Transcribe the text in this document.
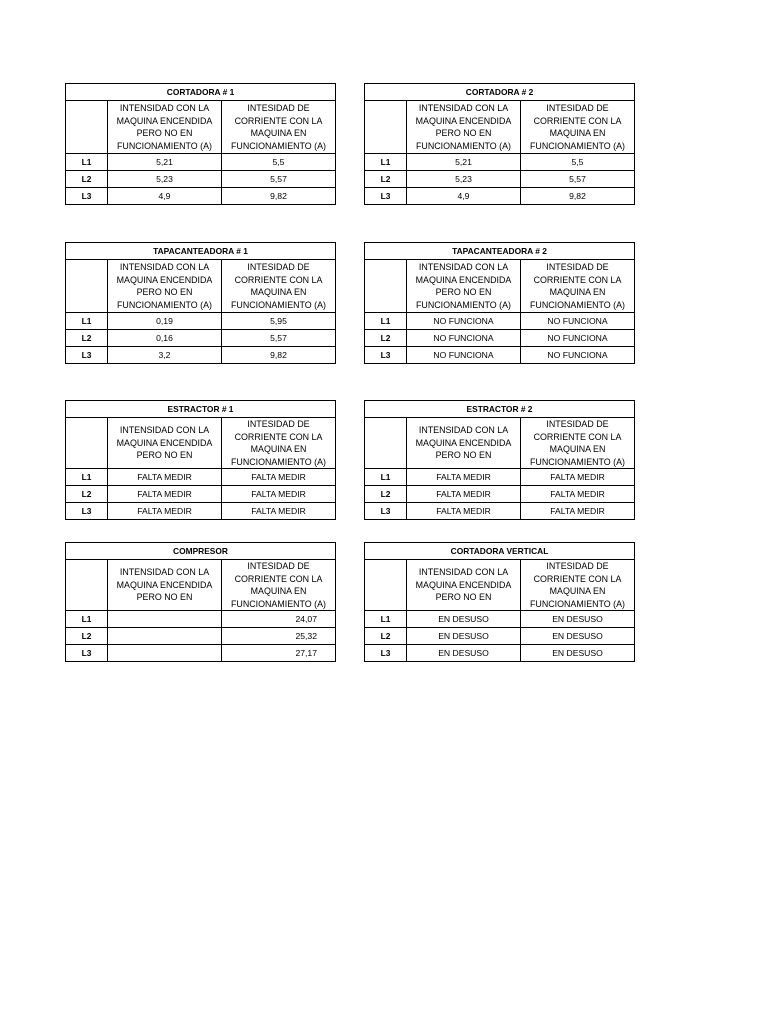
CORTADORA # 1		
	INTENSIDAD CON LA MAQUINA ENCENDIDA PERO NO EN FUNCIONAMIENTO (A)	INTESIDAD DE CORRIENTE CON LA MAQUINA EN FUNCIONAMIENTO (A)
L1	5,21	5,5
L2	5,23	5,57
L3	4,9	9,82
CORTADORA # 2		
	INTENSIDAD CON LA MAQUINA ENCENDIDA PERO NO EN FUNCIONAMIENTO (A)	INTESIDAD DE CORRIENTE CON LA MAQUINA EN FUNCIONAMIENTO (A)
L1	5,21	5,5
L2	5,23	5,57
L3	4,9	9,82
TAPACANTEADORA # 1		
	INTENSIDAD CON LA MAQUINA ENCENDIDA PERO NO EN FUNCIONAMIENTO (A)	INTESIDAD DE CORRIENTE CON LA MAQUINA EN FUNCIONAMIENTO (A)
L1	0,19	5,95
L2	0,16	5,57
L3	3,2	9,82
TAPACANTEADORA # 2		
	INTENSIDAD CON LA MAQUINA ENCENDIDA PERO NO EN FUNCIONAMIENTO (A)	INTESIDAD DE CORRIENTE CON LA MAQUINA EN FUNCIONAMIENTO (A)
L1	NO FUNCIONA	NO FUNCIONA
L2	NO FUNCIONA	NO FUNCIONA
L3	NO FUNCIONA	NO FUNCIONA
ESTRACTOR # 1		
	INTENSIDAD CON LA MAQUINA ENCENDIDA PERO NO EN	INTESIDAD DE CORRIENTE CON LA MAQUINA EN FUNCIONAMIENTO (A)
L1	FALTA MEDIR	FALTA MEDIR
L2	FALTA MEDIR	FALTA MEDIR
L3	FALTA MEDIR	FALTA MEDIR
ESTRACTOR # 2		
	INTENSIDAD CON LA MAQUINA ENCENDIDA PERO NO EN	INTESIDAD DE CORRIENTE CON LA MAQUINA EN FUNCIONAMIENTO (A)
L1	FALTA MEDIR	FALTA MEDIR
L2	FALTA MEDIR	FALTA MEDIR
L3	FALTA MEDIR	FALTA MEDIR
COMPRESOR		
	INTENSIDAD CON LA MAQUINA ENCENDIDA PERO NO EN	INTESIDAD DE CORRIENTE CON LA MAQUINA EN FUNCIONAMIENTO (A)
L1		24,07
L2		25,32
L3		27,17
CORTADORA VERTICAL		
	INTENSIDAD CON LA MAQUINA ENCENDIDA PERO NO EN	INTESIDAD DE CORRIENTE CON LA MAQUINA EN FUNCIONAMIENTO (A)
L1	EN DESUSO	EN DESUSO
L2	EN DESUSO	EN DESUSO
L3	EN DESUSO	EN DESUSO
